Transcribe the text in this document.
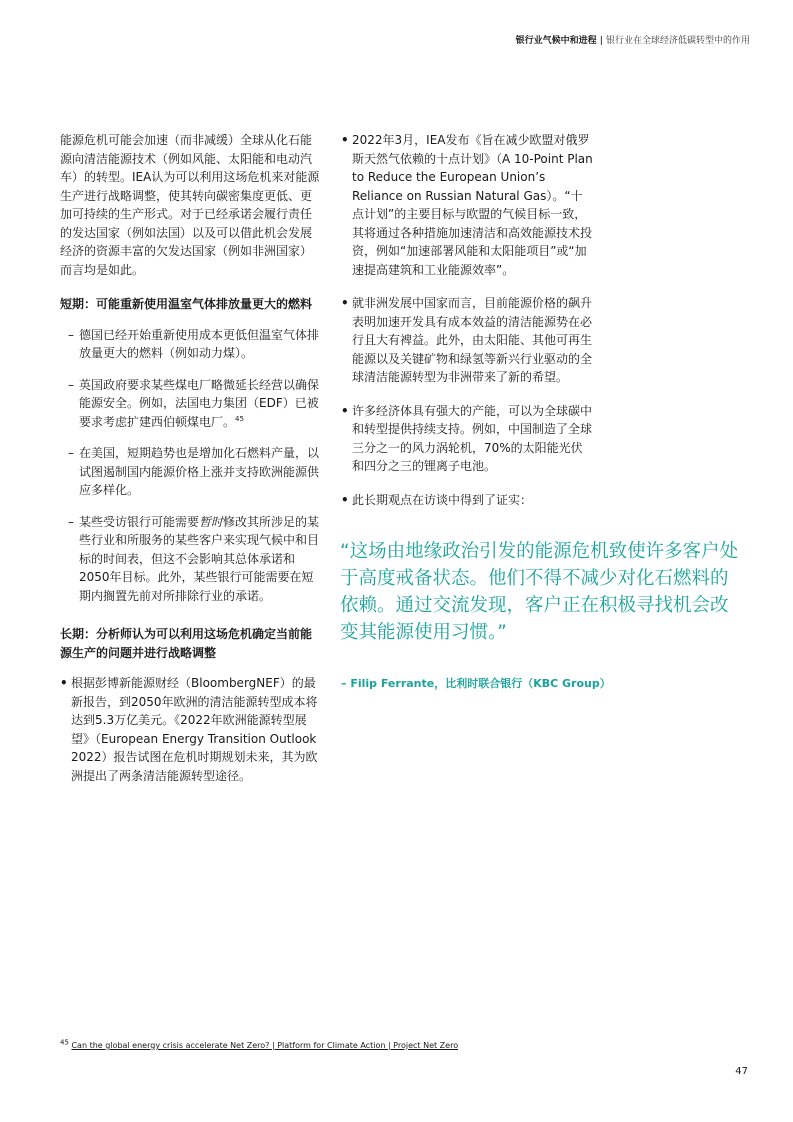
银行业气候中和进程 | 银行业在全球经济低碳转型中的作用

能源危机可能会加速（而非减缓）全球从化石能源向清洁能源技术（例如风能、太阳能和电动汽车）的转型。IEA认为可以利用这场危机来对能源生产进行战略调整，使其转向碳密集度更低、更加可持续的生产形式。对于已经承诺会履行责任的发达国家（例如法国）以及可以借此机会发展经济的资源丰富的欠发达国家（例如非洲国家）而言均是如此。

短期：可能重新使用温室气体排放量更大的燃料
– 德国已经开始重新使用成本更低但温室气体排放量更大的燃料（例如动力煤）。
– 英国政府要求某些煤电厂略微延长经营以确保能源安全。例如，法国电力集团（EDF）已被要求考虑扩建西伯顿煤电厂。$^{45}$
– 在美国，短期趋势也是增加化石燃料产量，以试图遏制国内能源价格上涨并支持欧洲能源供应多样化。
– 某些受访银行可能需要暂时修改其所涉足的某些行业和所服务的某些客户来实现气候中和目标的时间表，但这不会影响其总体承诺和2050年目标。此外，某些银行可能需要在短期内搁置先前对所排除行业的承诺。
长期：分析师认为可以利用这场危机确定当前能源生产的问题并进行战略调整
• 根据彭博新能源财经（BloombergNEF）的最新报告，到2050年欧洲的清洁能源转型成本将达到5.3万亿美元。《2022年欧洲能源转型展望》（European Energy Transition Outlook 2022）报告试图在危机时期规划未来，其为欧洲提出了两条清洁能源转型途径。
• 2022年3月，IEA发布《旨在减少欧盟对俄罗斯天然气依赖的十点计划》（A 10-Point Plan to Reduce the European Union’s Reliance on Russian Natural Gas）。“十点计划”的主要目标与欧盟的气候目标一致，其将通过各种措施加速清洁和高效能源技术投资，例如“加速部署风能和太阳能项目”或“加速提高建筑和工业能源效率”。
• 就非洲发展中国家而言，目前能源价格的飙升表明加速开发具有成本效益的清洁能源势在必行且大有裨益。此外，由太阳能、其他可再生能源以及关键矿物和绿氢等新兴行业驱动的全球清洁能源转型为非洲带来了新的希望。
• 许多经济体具有强大的产能，可以为全球碳中和转型提供持续支持。例如，中国制造了全球三分之一的风力涡轮机，70%的太阳能光伏和四分之三的锂离子电池。
• 此长期观点在访谈中得到了证实：
“这场由地缘政治引发的能源危机致使许多客户处于高度戒备状态。他们不得不减少对化石燃料的依赖。通过交流发现，客户正在积极寻找机会改变其能源使用习惯。”
– Filip Ferrante，比利时联合银行（KBC Group）
$^{45}$ Can the global energy crisis accelerate Net Zero? | Platform for Climate Action | Project Net Zero
47
